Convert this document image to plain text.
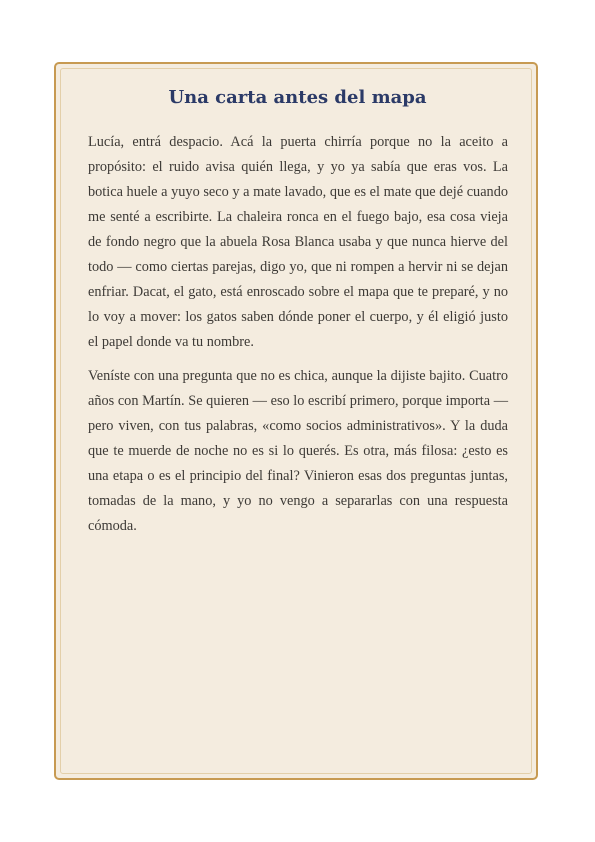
Una carta antes del mapa

Lucía, entrá despacio. Acá la puerta chirría porque no la aceito a propósito: el ruido avisa quién llega, y yo ya sabía que eras vos. La botica huele a yuyo seco y a mate lavado, que es el mate que dejé cuando me senté a escribirte. La chaleira ronca en el fuego bajo, esa cosa vieja de fondo negro que la abuela Rosa Blanca usaba y que nunca hierve del todo — como ciertas parejas, digo yo, que ni rompen a hervir ni se dejan enfriar. Dacat, el gato, está enroscado sobre el mapa que te preparé, y no lo voy a mover: los gatos saben dónde poner el cuerpo, y él eligió justo el papel donde va tu nombre.

Veníste con una pregunta que no es chica, aunque la dijiste bajito. Cuatro años con Martín. Se quieren — eso lo escribí primero, porque importa — pero viven, con tus palabras, «como socios administrativos». Y la duda que te muerde de noche no es si lo querés. Es otra, más filosa: ¿esto es una etapa o es el principio del final? Vinieron esas dos preguntas juntas, tomadas de la mano, y yo no vengo a separarlas con una respuesta cómoda.
